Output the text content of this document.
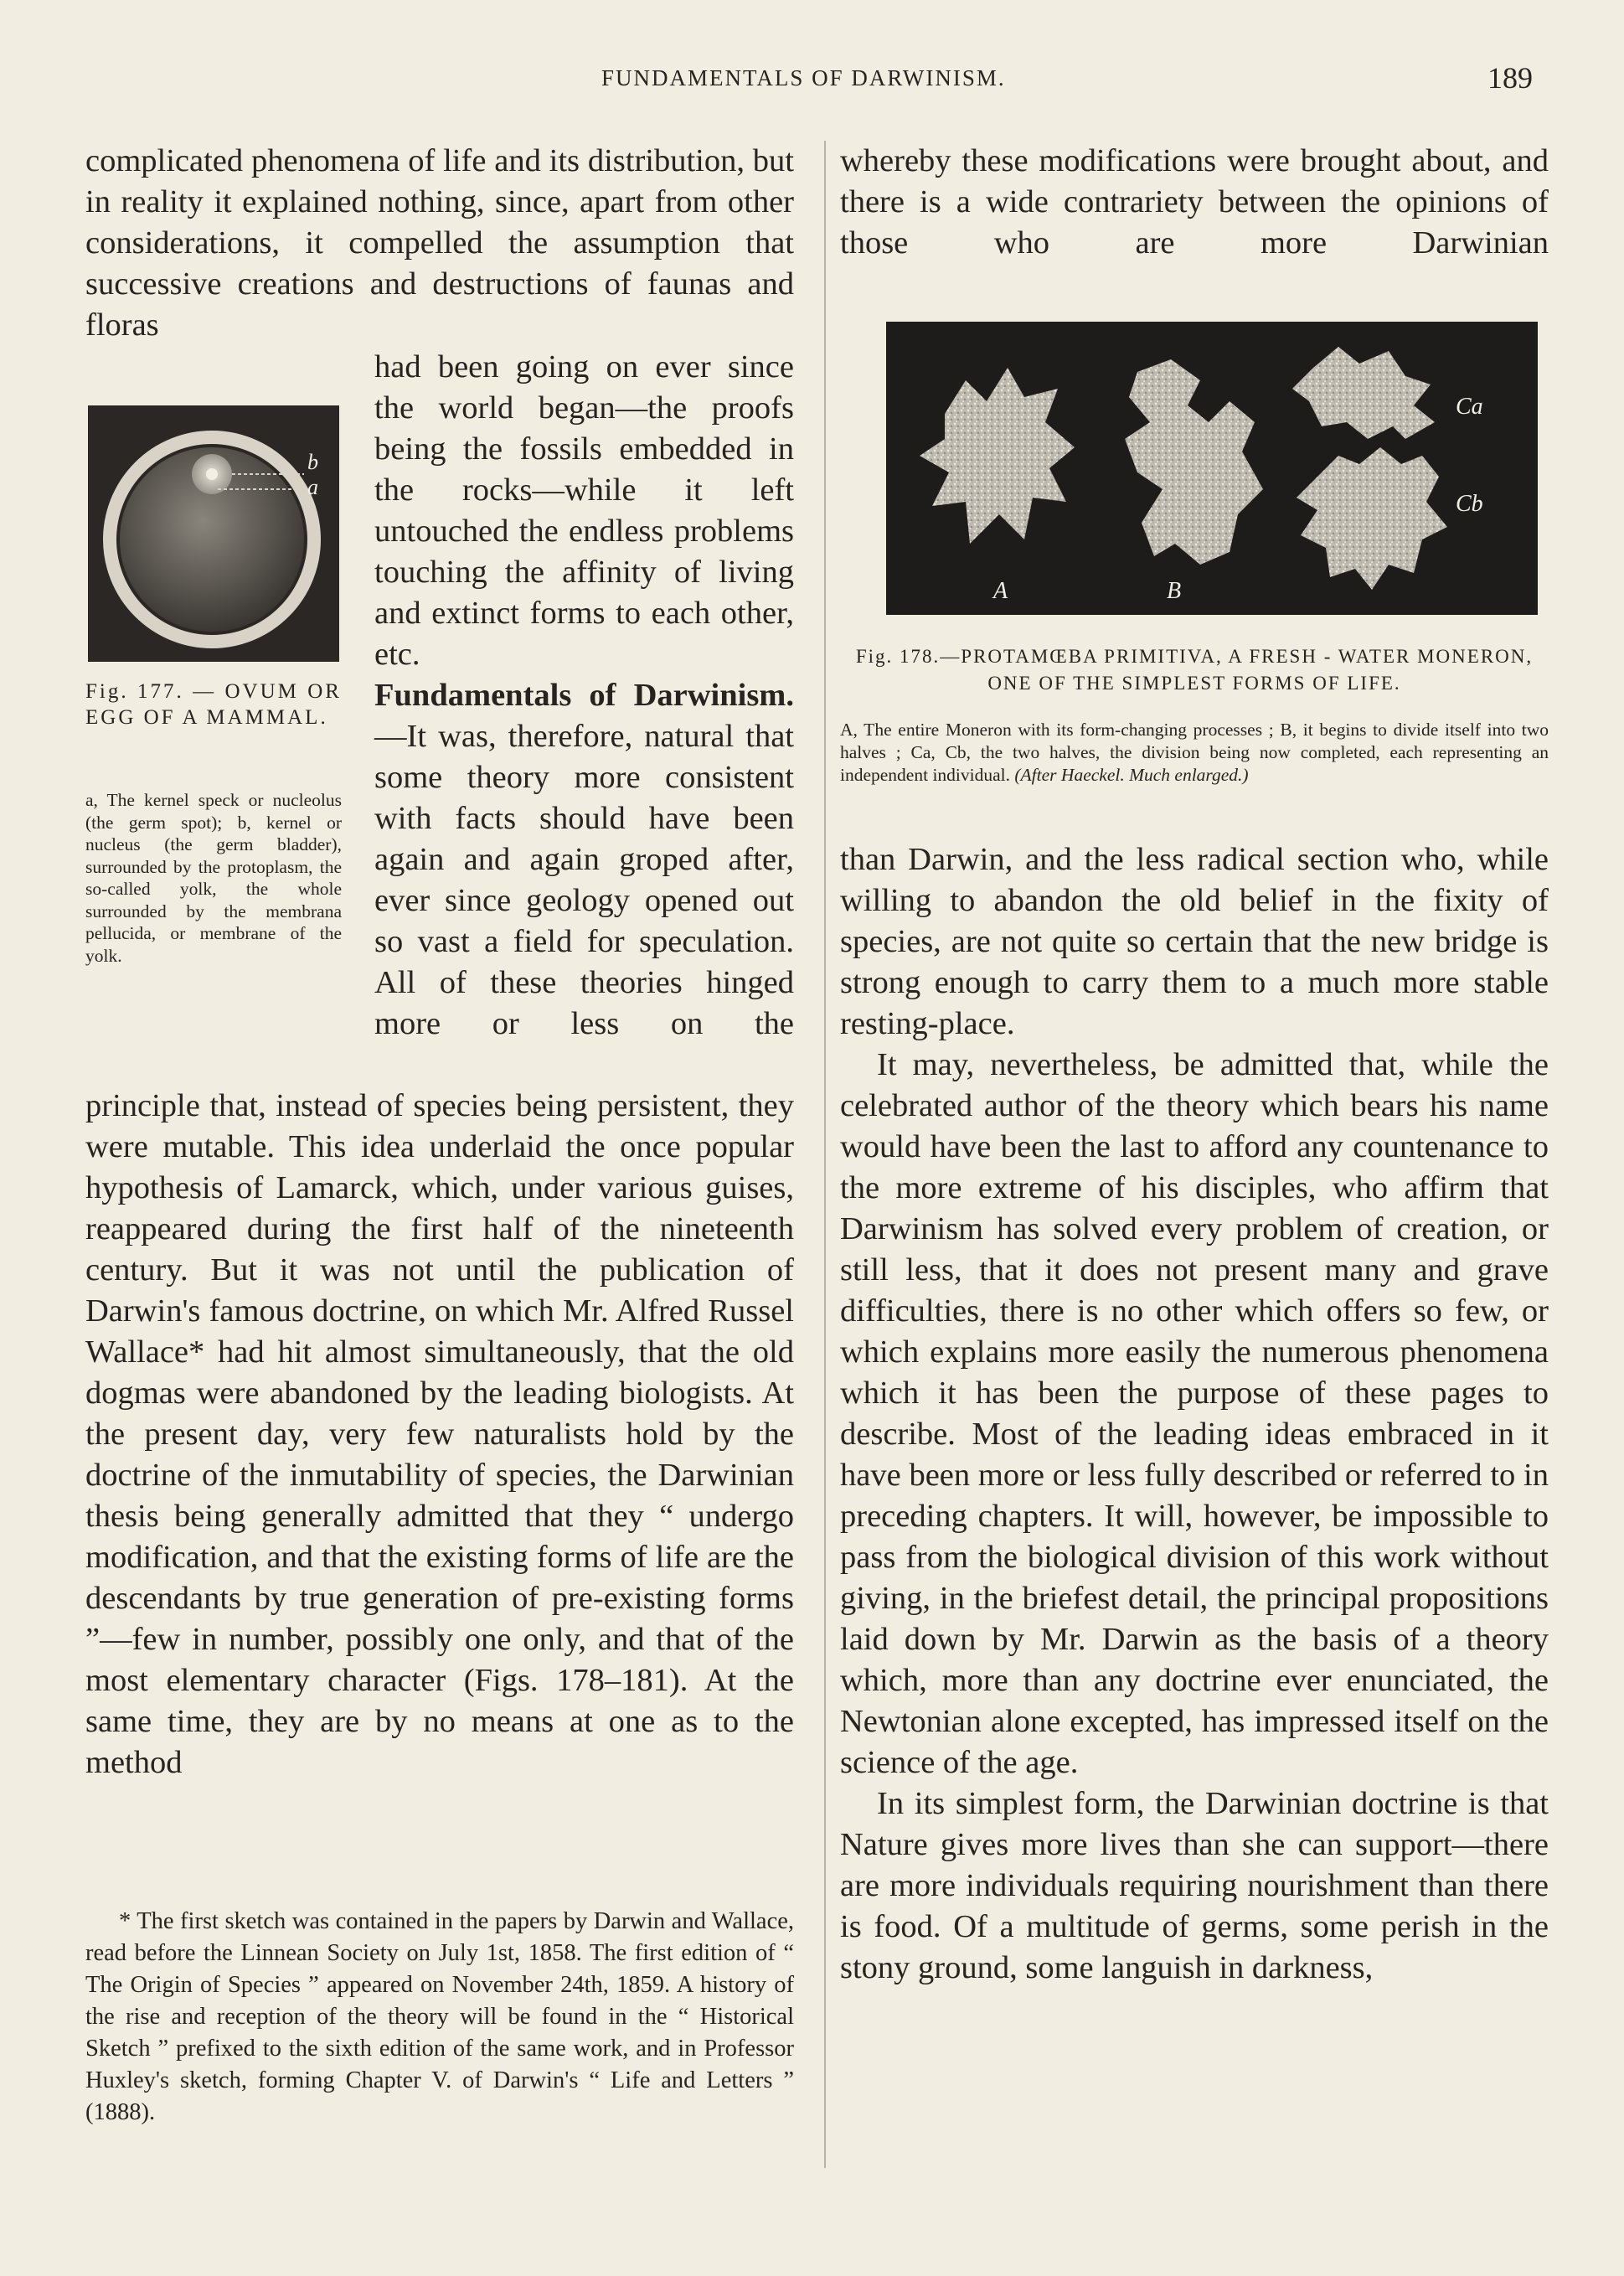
FUNDAMENTALS OF DARWINISM.	189

complicated phenomena of life and its distribution, but in reality it explained nothing, since, apart from other considerations, it compelled the assumption that successive creations and destructions of faunas and floras

b
a

had been going on ever since the world began—the proofs being the fossils embedded in the rocks—while it left untouched the endless problems touching the affinity of living and extinct forms to each other, etc.

Fundamentals of Darwinism.—It was, therefore, natural that some theory more consistent with facts should have been again and again groped after, ever since geology opened out so vast a field for speculation. All of these theories hinged more or less on the

Fig. 177. — OVUM OR EGG OF A MAMMAL.
a, The kernel speck or nucleolus (the germ spot); b, kernel or nucleus (the germ bladder), surrounded by the protoplasm, the so-called yolk, the whole surrounded by the membrana pellucida, or membrane of the yolk.

principle that, instead of species being persistent, they were mutable. This idea underlaid the once popular hypothesis of Lamarck, which, under various guises, reappeared during the first half of the nineteenth century. But it was not until the publication of Darwin's famous doctrine, on which Mr. Alfred Russel Wallace* had hit almost simultaneously, that the old dogmas were abandoned by the leading biologists. At the present day, very few naturalists hold by the doctrine of the inmutability of species, the Darwinian thesis being generally admitted that they “ undergo modification, and that the existing forms of life are the descendants by true generation of pre-existing forms ”—few in number, possibly one only, and that of the most elementary character (Figs. 178–181). At the same time, they are by no means at one as to the method

* The first sketch was contained in the papers by Darwin and Wallace, read before the Linnean Society on July 1st, 1858. The first edition of “ The Origin of Species ” appeared on November 24th, 1859. A history of the rise and reception of the theory will be found in the “ Historical Sketch ” prefixed to the sixth edition of the same work, and in Professor Huxley's sketch, forming Chapter V. of Darwin's “ Life and Letters ” (1888).

whereby these modifications were brought about, and there is a wide contrariety between the opinions of those who are more Darwinian

A	B
Ca
Cb
Fig. 178.—PROTAMŒBA PRIMITIVA, A FRESH - WATER MONERON, ONE OF THE SIMPLEST FORMS OF LIFE.
A, The entire Moneron with its form-changing processes ; B, it begins to divide itself into two halves ; Ca, Cb, the two halves, the division being now completed, each representing an independent individual. (After Haeckel. Much enlarged.)

than Darwin, and the less radical section who, while willing to abandon the old belief in the fixity of species, are not quite so certain that the new bridge is strong enough to carry them to a much more stable resting-place.

It may, nevertheless, be admitted that, while the celebrated author of the theory which bears his name would have been the last to afford any countenance to the more extreme of his disciples, who affirm that Darwinism has solved every problem of creation, or still less, that it does not present many and grave difficulties, there is no other which offers so few, or which explains more easily the numerous phenomena which it has been the purpose of these pages to describe. Most of the leading ideas embraced in it have been more or less fully described or referred to in preceding chapters. It will, however, be impossible to pass from the biological division of this work without giving, in the briefest detail, the principal propositions laid down by Mr. Darwin as the basis of a theory which, more than any doctrine ever enunciated, the Newtonian alone excepted, has impressed itself on the science of the age.

In its simplest form, the Darwinian doctrine is that Nature gives more lives than she can support—there are more individuals requiring nourishment than there is food. Of a multitude of germs, some perish in the stony ground, some languish in darkness,
